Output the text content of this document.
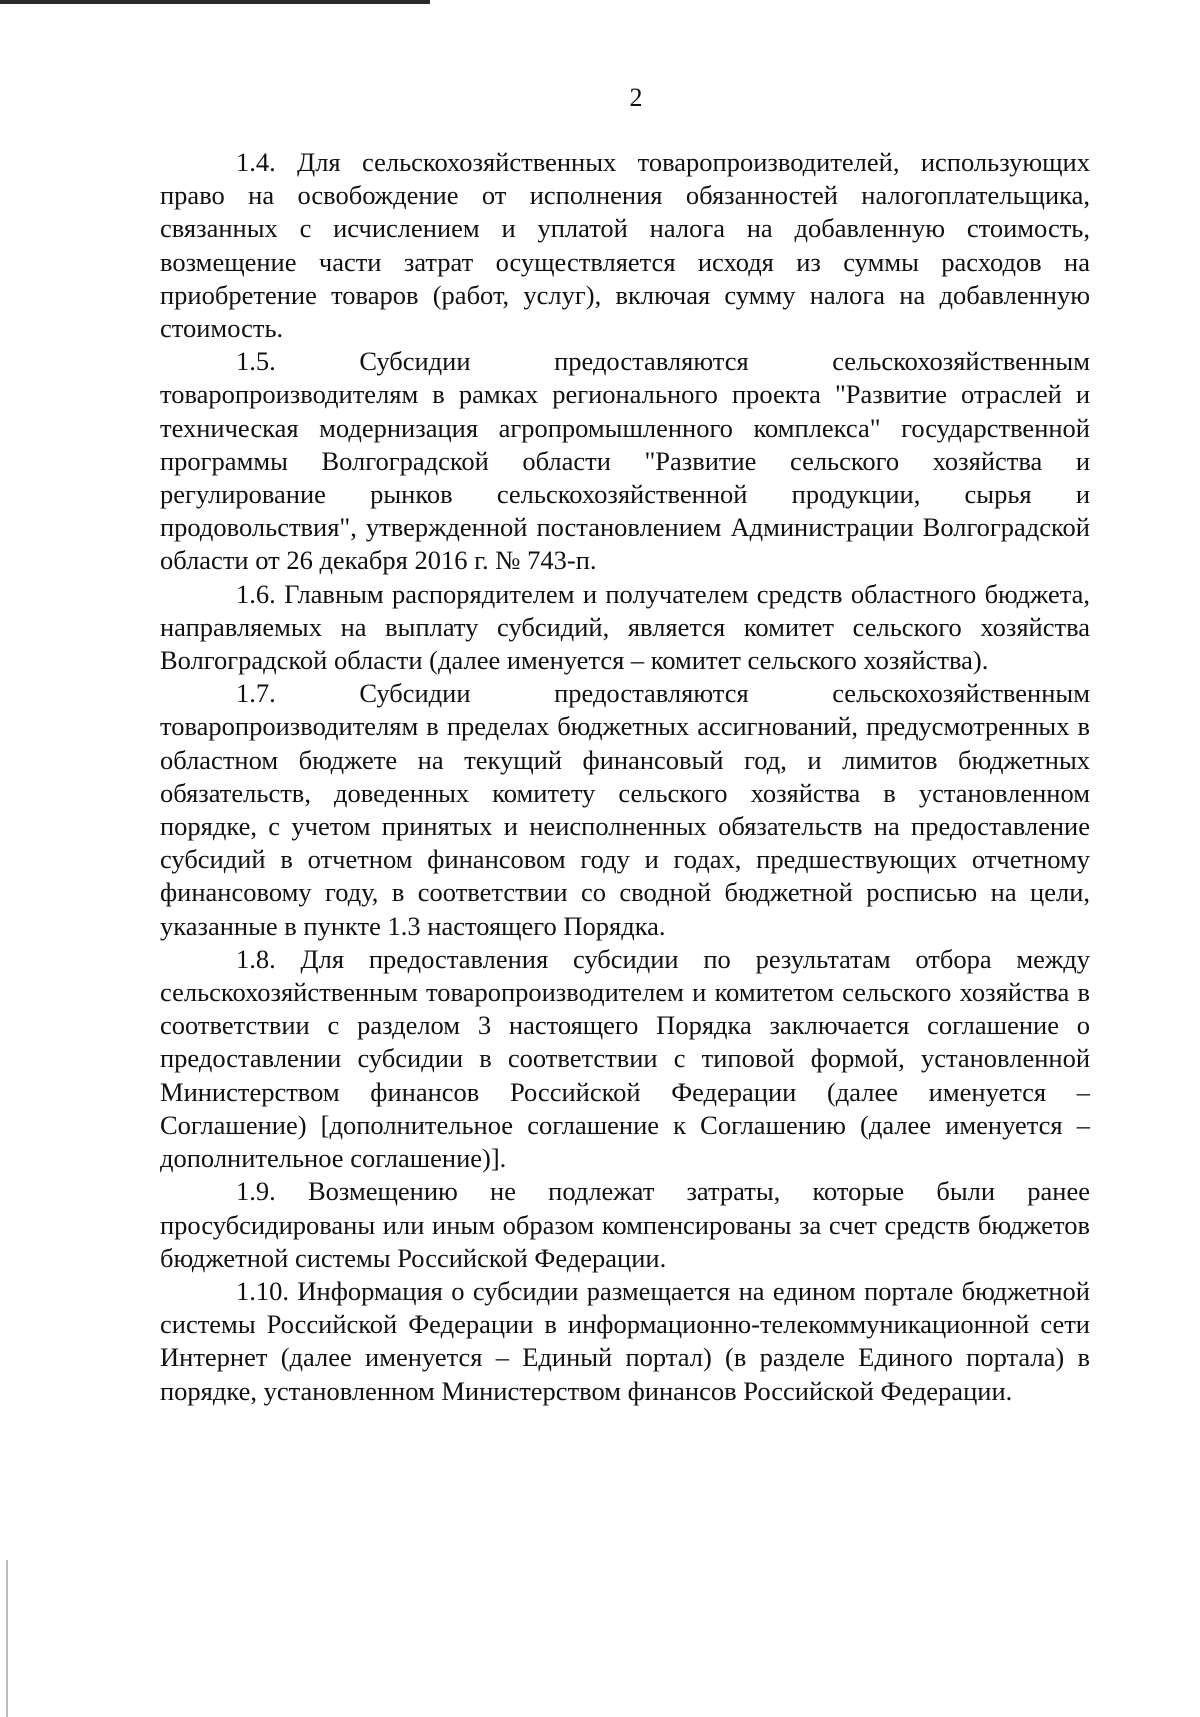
2

1.4. Для сельскохозяйственных товаропроизводителей, использующих право на освобождение от исполнения обязанностей налогоплательщика, связанных с исчислением и уплатой налога на добавленную стоимость, возмещение части затрат осуществляется исходя из суммы расходов на приобретение товаров (работ, услуг), включая сумму налога на добавленную стоимость.

1.5. Субсидии предоставляются сельскохозяйственным товаропроизводителям в рамках регионального проекта "Развитие отраслей и техническая модернизация агропромышленного комплекса" государственной программы Волгоградской области "Развитие сельского хозяйства и регулирование рынков сельскохозяйственной продукции, сырья и продовольствия", утвержденной постановлением Администрации Волгоградской области от 26 декабря 2016 г. № 743-п.

1.6. Главным распорядителем и получателем средств областного бюджета, направляемых на выплату субсидий, является комитет сельского хозяйства Волгоградской области (далее именуется – комитет сельского хозяйства).

1.7. Субсидии предоставляются сельскохозяйственным товаропроизводителям в пределах бюджетных ассигнований, предусмотренных в областном бюджете на текущий финансовый год, и лимитов бюджетных обязательств, доведенных комитету сельского хозяйства в установленном порядке, с учетом принятых и неисполненных обязательств на предоставление субсидий в отчетном финансовом году и годах, предшествующих отчетному финансовому году, в соответствии со сводной бюджетной росписью на цели, указанные в пункте 1.3 настоящего Порядка.

1.8. Для предоставления субсидии по результатам отбора между сельскохозяйственным товаропроизводителем и комитетом сельского хозяйства в соответствии с разделом 3 настоящего Порядка заключается соглашение о предоставлении субсидии в соответствии с типовой формой, установленной Министерством финансов Российской Федерации (далее именуется – Соглашение) [дополнительное соглашение к Соглашению (далее именуется – дополнительное соглашение)].

1.9. Возмещению не подлежат затраты, которые были ранее просубсидированы или иным образом компенсированы за счет средств бюджетов бюджетной системы Российской Федерации.

1.10. Информация о субсидии размещается на едином портале бюджетной системы Российской Федерации в информационно-телекоммуникационной сети Интернет (далее именуется – Единый портал) (в разделе Единого портала) в порядке, установленном Министерством финансов Российской Федерации.
